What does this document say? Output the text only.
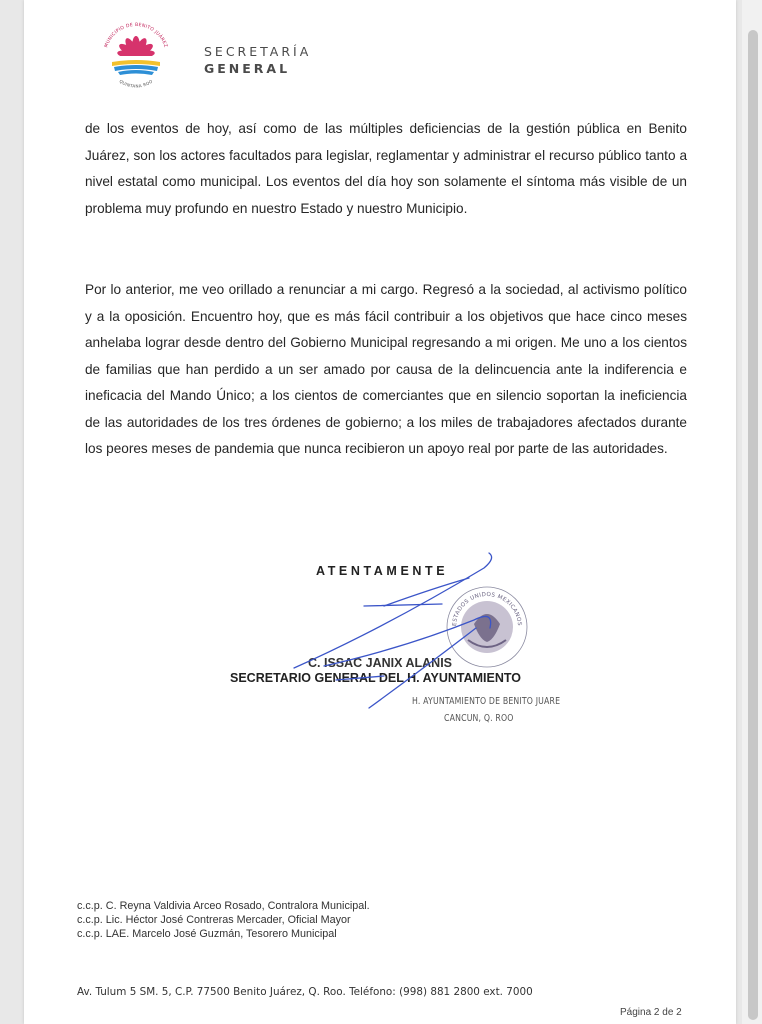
MUNICIPIO DE BENITO JUÁREZ
QUINTANA ROO
SECRETARÍA
GENERAL
de los eventos de hoy, así como de las múltiples deficiencias de la gestión pública en Benito Juárez, son los actores facultados para legislar, reglamentar y administrar el recurso público tanto a nivel estatal como municipal. Los eventos del día hoy son solamente el síntoma más visible de un problema muy profundo en nuestro Estado y nuestro Municipio.
Por lo anterior, me veo orillado a renunciar a mi cargo. Regresó a la sociedad, al activismo político y a la oposición. Encuentro hoy, que es más fácil contribuir a los objetivos que hace cinco meses anhelaba lograr desde dentro del Gobierno Municipal regresando a mi origen. Me uno a los cientos de familias que han perdido a un ser amado por causa de la delincuencia ante la indiferencia e ineficacia del Mando Único; a los cientos de comerciantes que en silencio soportan la ineficiencia de las autoridades de los tres órdenes de gobierno; a los miles de trabajadores afectados durante los peores meses de pandemia que nunca recibieron un apoyo real por parte de las autoridades.
ATENTAMENTE
ESTADOS UNIDOS MEXICANOS
C. ISSAC JANIX ALANIS
SECRETARIO GENERAL DEL H. AYUNTAMIENTO
H. AYUNTAMIENTO DE BENITO JUARE
CANCUN, Q. ROO
c.c.p. C. Reyna Valdivia Arceo Rosado, Contralora Municipal.
c.c.p. Lic. Héctor José Contreras Mercader, Oficial Mayor
c.c.p. LAE. Marcelo José Guzmán, Tesorero Municipal
Av. Tulum 5 SM. 5, C.P. 77500 Benito Juárez, Q. Roo. Teléfono: (998) 881 2800 ext. 7000
Página 2 de 2
